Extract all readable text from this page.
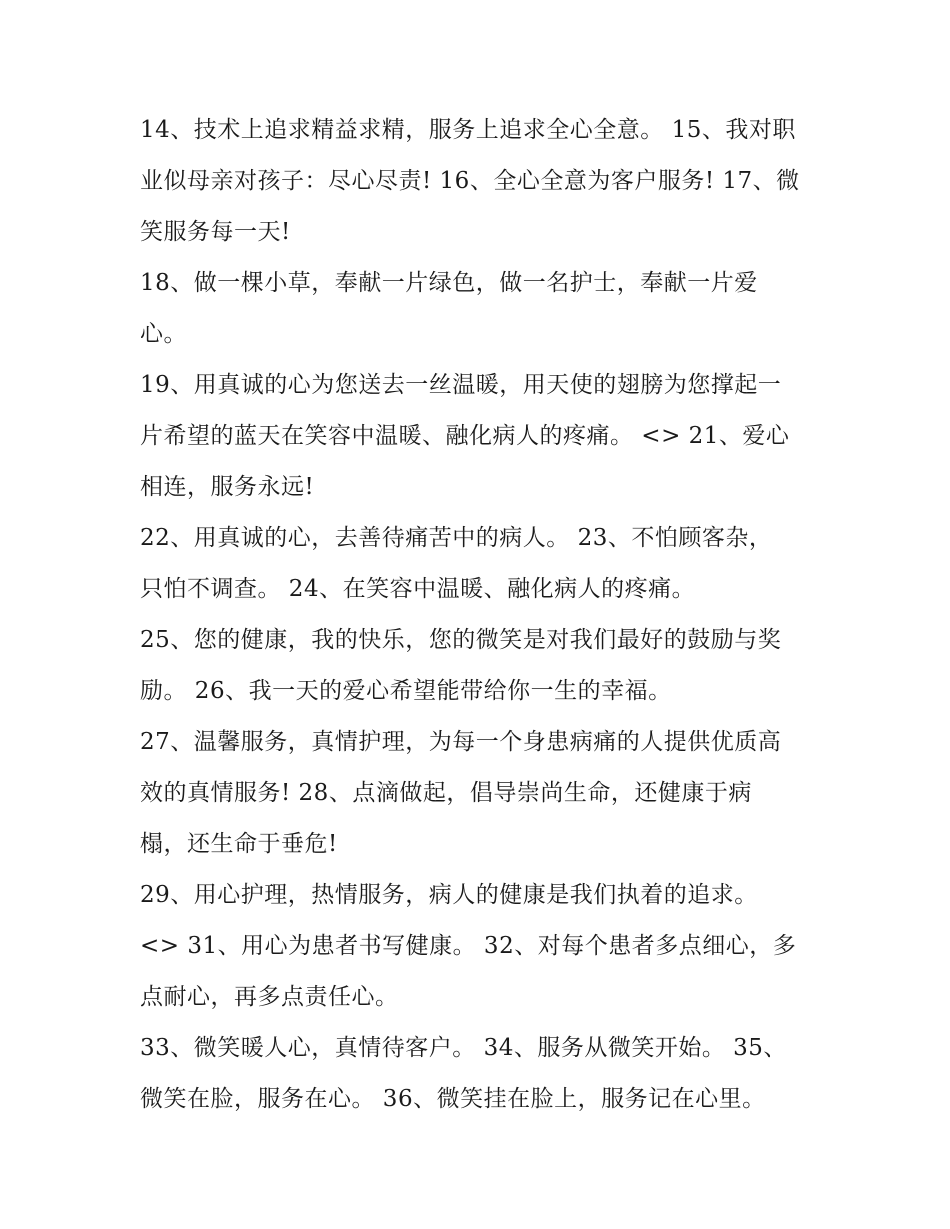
14、技术上追求精益求精，服务上追求全心全意。 15、我对职
业似母亲对孩子：尽心尽责! 16、全心全意为客户服务! 17、微
笑服务每一天!
18、做一棵小草，奉献一片绿色，做一名护士，奉献一片爱
心。
19、用真诚的心为您送去一丝温暖，用天使的翅膀为您撑起一
片希望的蓝天在笑容中温暖、融化病人的疼痛。 <> 21、爱心
相连，服务永远!
22、用真诚的心，去善待痛苦中的病人。 23、不怕顾客杂，
只怕不调查。 24、在笑容中温暖、融化病人的疼痛。
25、您的健康，我的快乐，您的微笑是对我们最好的鼓励与奖
励。 26、我一天的爱心希望能带给你一生的幸福。
27、温馨服务，真情护理，为每一个身患病痛的人提供优质高
效的真情服务! 28、点滴做起，倡导崇尚生命，还健康于病
榻，还生命于垂危!
29、用心护理，热情服务，病人的健康是我们执着的追求。
<> 31、用心为患者书写健康。 32、对每个患者多点细心，多
点耐心，再多点责任心。
33、微笑暖人心，真情待客户。 34、服务从微笑开始。 35、
微笑在脸，服务在心。 36、微笑挂在脸上，服务记在心里。
